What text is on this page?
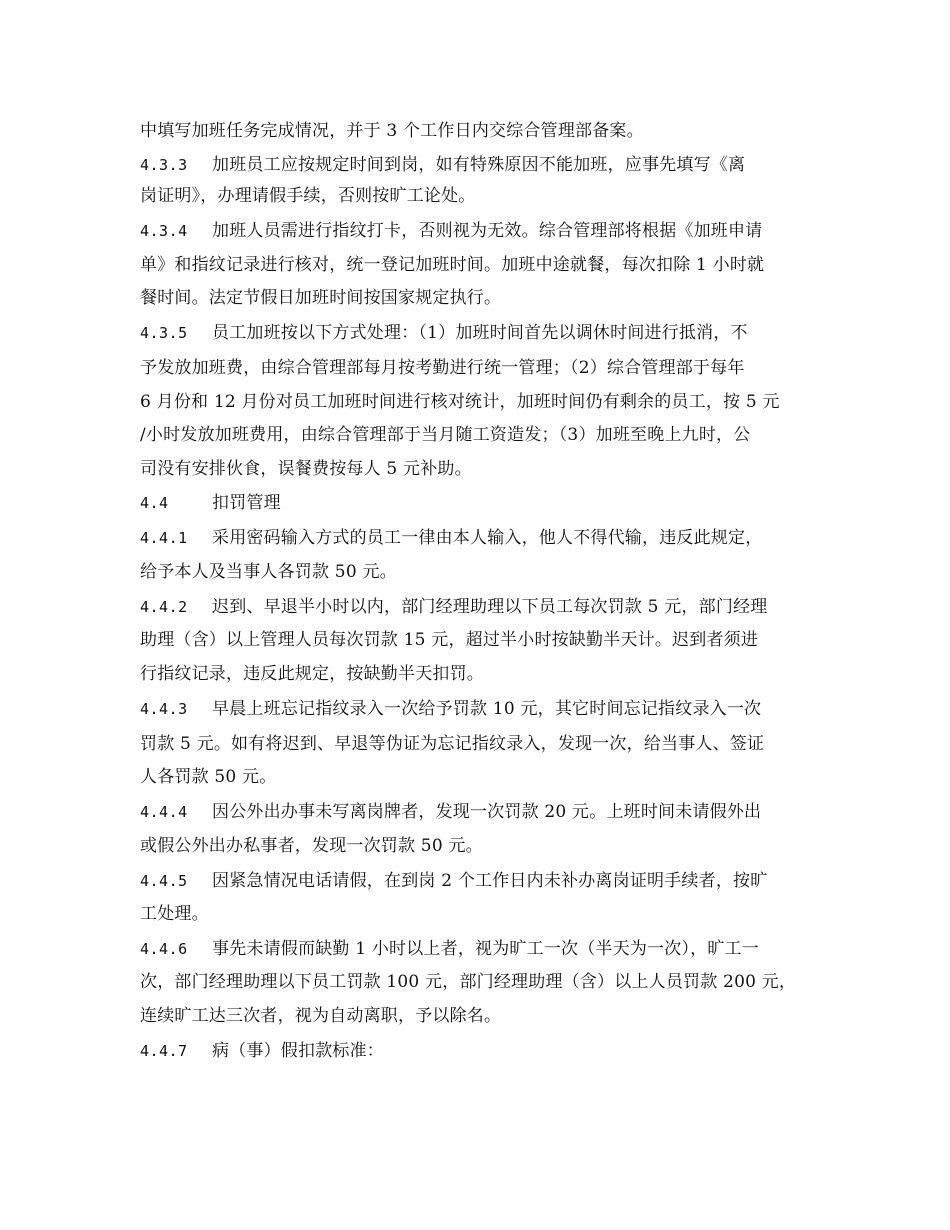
中填写加班任务完成情况，并于 3 个工作日内交综合管理部备案。
4.3.3 加班员工应按规定时间到岗，如有特殊原因不能加班，应事先填写《离
岗证明》，办理请假手续，否则按旷工论处。
4.3.4 加班人员需进行指纹打卡，否则视为无效。综合管理部将根据《加班申请
单》和指纹记录进行核对，统一登记加班时间。加班中途就餐，每次扣除 1 小时就
餐时间。法定节假日加班时间按国家规定执行。
4.3.5 员工加班按以下方式处理：（1）加班时间首先以调休时间进行抵消，不
予发放加班费，由综合管理部每月按考勤进行统一管理；（2）综合管理部于每年
6 月份和 12 月份对员工加班时间进行核对统计，加班时间仍有剩余的员工，按 5 元
/小时发放加班费用，由综合管理部于当月随工资造发；（3）加班至晚上九时，公
司没有安排伙食，误餐费按每人 5 元补助。
4.4	扣罚管理
4.4.1 采用密码输入方式的员工一律由本人输入，他人不得代输，违反此规定，
给予本人及当事人各罚款 50 元。
4.4.2 迟到、早退半小时以内，部门经理助理以下员工每次罚款 5 元，部门经理
助理（含）以上管理人员每次罚款 15 元，超过半小时按缺勤半天计。迟到者须进
行指纹记录，违反此规定，按缺勤半天扣罚。
4.4.3 早晨上班忘记指纹录入一次给予罚款 10 元，其它时间忘记指纹录入一次
罚款 5 元。如有将迟到、早退等伪证为忘记指纹录入，发现一次，给当事人、签证
人各罚款 50 元。
4.4.4 因公外出办事未写离岗牌者，发现一次罚款 20 元。上班时间未请假外出
或假公外出办私事者，发现一次罚款 50 元。
4.4.5 因紧急情况电话请假，在到岗 2 个工作日内未补办离岗证明手续者，按旷
工处理。
4.4.6 事先未请假而缺勤 1 小时以上者，视为旷工一次（半天为一次），旷工一
次，部门经理助理以下员工罚款 100 元，部门经理助理（含）以上人员罚款 200 元，
连续旷工达三次者，视为自动离职，予以除名。
4.4.7 病（事）假扣款标准：
